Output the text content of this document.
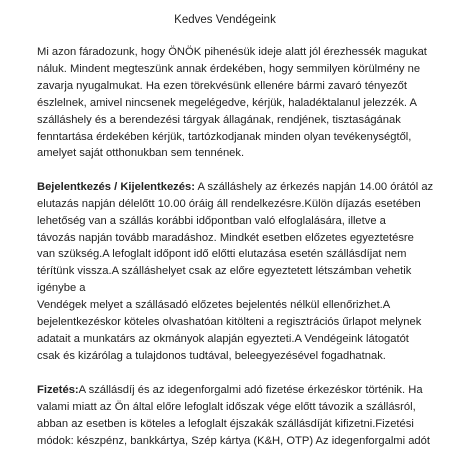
Kedves Vendégeink

Mi azon fáradozunk, hogy ÖNÖK pihenésük ideje alatt jól érezhessék magukat
náluk. Mindent megteszünk annak érdekében, hogy semmilyen körülmény ne
zavarja nyugalmukat. Ha ezen törekvésünk ellenére bármi zavaró tényezőt
észlelnek, amivel nincsenek megelégedve, kérjük, haladéktalanul jelezzék. A
szálláshely és a berendezési tárgyak állagának, rendjének, tisztaságának
fenntartása érdekében kérjük, tartózkodjanak minden olyan tevékenységtől,
amelyet saját otthonukban sem tennének.

Bejelentkezés / Kijelentkezés: A szálláshely az érkezés napján 14.00 órától az
elutazás napján délelőtt 10.00 óráig áll rendelkezésre.Külön díjazás esetében
lehetőség van a szállás korábbi időpontban való elfoglalására, illetve a
távozás napján tovább maradáshoz. Mindkét esetben előzetes egyeztetésre
van szükség.A lefoglalt időpont idő előtti elutazása esetén szállásdíjat nem
térítünk vissza.A szálláshelyet csak az előre egyeztetett létszámban vehetik
igénybe a
Vendégek melyet a szállásadó előzetes bejelentés nélkül ellenőrizhet.A
bejelentkezéskor köteles olvashatóan kitölteni a regisztrációs űrlapot melynek
adatait a munkatárs az okmányok alapján egyezteti.A Vendégeink látogatót
csak és kizárólag a tulajdonos tudtával, beleegyezésével fogadhatnak.

Fizetés:A szállásdíj és az idegenforgalmi adó fizetése érkezéskor történik. Ha
valami miatt az Ön által előre lefoglalt időszak vége előtt távozik a szállásról,
abban az esetben is köteles a lefoglalt éjszakák szállásdíját kifizetni.Fizetési
módok: készpénz, bankkártya, Szép kártya (K&H, OTP) Az idegenforgalmi adót
